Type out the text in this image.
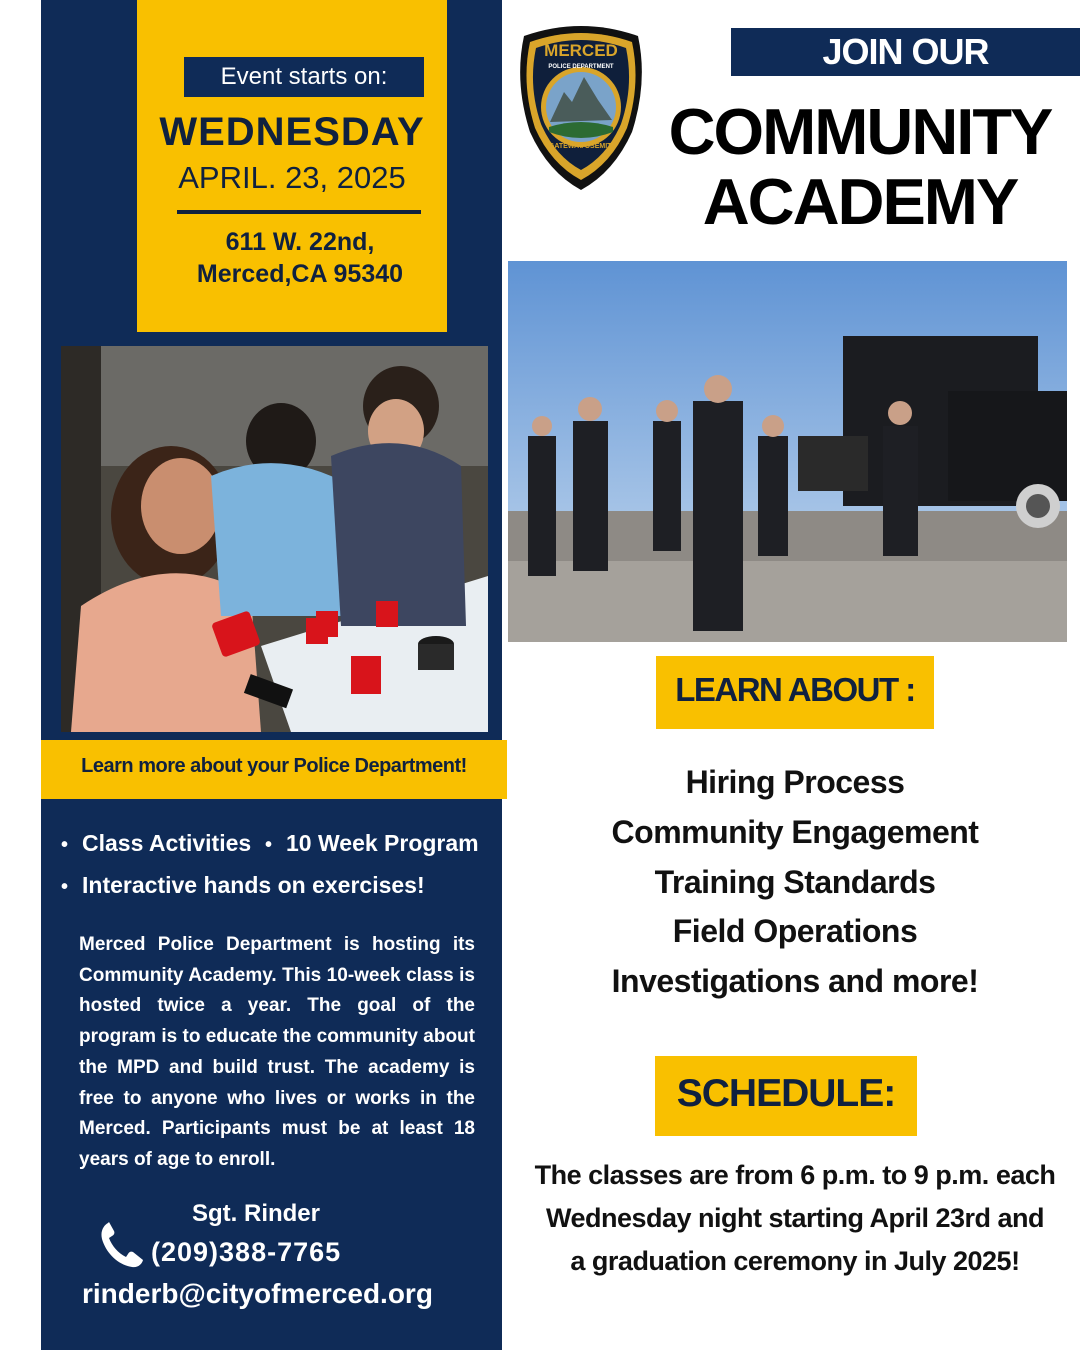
Event starts on:
WEDNESDAY
APRIL. 23, 2025
611 W. 22nd,
Merced,CA 95340
Learn more about your Police Department!
• Class Activities
•	10 Week Program
• Interactive hands on exercises!
Merced Police Department is hosting its Community Academy. This 10-week class is hosted twice a year. The goal of the program is to educate the community about the MPD and build trust. The academy is free to anyone who lives or works in the Merced. Participants must be at least 18 years of age to enroll.
Sgt. Rinder
(209)388-7765
rinderb@cityofmerced.org
MERCED
POLICE DEPARTMENT
GATEWAY
YOSEMITE
JOIN OUR
COMMUNITY
ACADEMY
LEARN ABOUT :
Hiring Process
Community Engagement
Training Standards
Field Operations
Investigations and more!
SCHEDULE:
The classes are from 6 p.m. to 9 p.m. each
Wednesday night starting April 23rd and
a graduation ceremony in July 2025!
